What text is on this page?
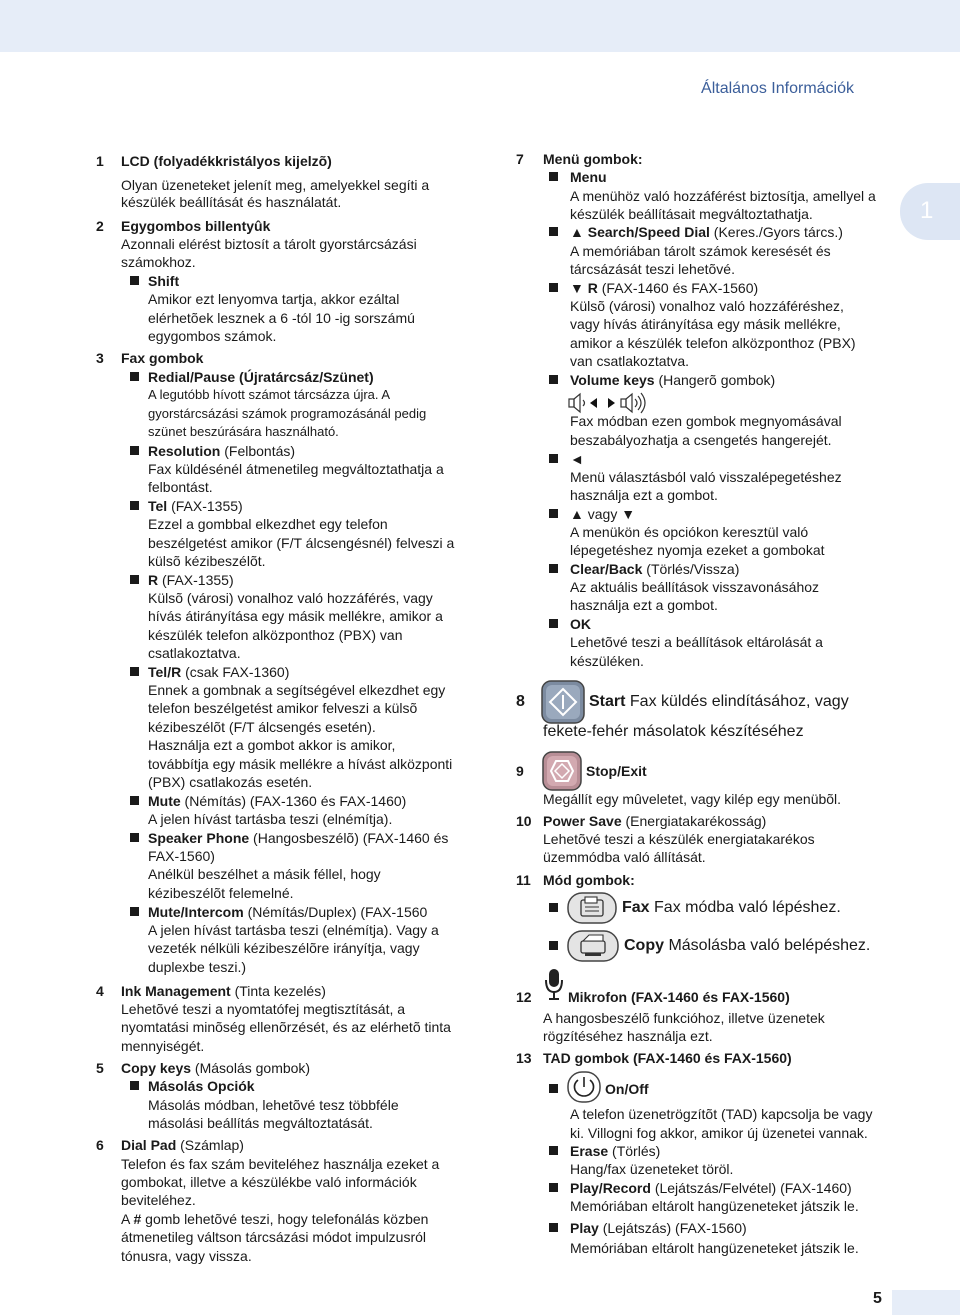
Általános Információk
1
1 LCD (folyadékkristályos kijelzõ)
Olyan üzeneteket jelenít meg, amelyekkel segíti a
készülék beállítását és használatát.
2 Egygombos billentyûk
Azonnali elérést biztosít a tárolt gyorstárcsázási
számokhoz.
Shift
Amikor ezt lenyomva tartja, akkor ezáltal
elérhetõek lesznek a 6 -tól 10 -ig sorszámú
egygombos számok.
3 Fax gombok
Redial/Pause (Újratárcsáz/Szünet)
A legutóbb hívott számot tárcsázza újra. A
gyorstárcsázási számok programozásánál pedig
szünet beszúrására használható.
Resolution (Felbontás)
Fax küldésénél átmenetileg megváltoztathatja a
felbontást.
Tel (FAX-1355)
Ezzel a gombbal elkezdhet egy telefon
beszélgetést amikor (F/T álcsengésnél) felveszi a
külsõ kézibeszélõt.
R (FAX-1355)
Külsõ (városi) vonalhoz való hozzáférés, vagy
hívás átirányítása egy másik mellékre, amikor a
készülék telefon alközponthoz (PBX) van
csatlakoztatva.
Tel/R (csak FAX-1360)
Ennek a gombnak a segítségével elkezdhet egy
telefon beszélgetést amikor felveszi a külsõ
kézibeszélõt (F/T álcsengés esetén).
Használja ezt a gombot akkor is amikor,
továbbítja egy másik mellékre a hívást alközponti
(PBX) csatlakozás esetén.
Mute (Némítás) (FAX-1360 és FAX-1460)
A jelen hívást tartásba teszi (elnémítja).
Speaker Phone (Hangosbeszélõ) (FAX-1460 és
FAX-1560)
Anélkül beszélhet a másik féllel, hogy
kézibeszélõt felemelné.
Mute/Intercom (Némítás/Duplex) (FAX-1560
A jelen hívást tartásba teszi (elnémítja). Vagy a
vezeték nélküli kézibeszélõre irányítja, vagy
duplexbe teszi.)
4 Ink Management (Tinta kezelés)
Lehetõvé teszi a nyomtatófej megtisztítását, a
nyomtatási minõség ellenõrzését, és az elérhetõ tinta
mennyiségét.
5 Copy keys (Másolás gombok)
Másolás Opciók
Másolás módban, lehetõvé tesz többféle
másolási beállítás megváltoztatását.
6 Dial Pad (Számlap)
Telefon és fax szám beviteléhez használja ezeket a
gombokat, illetve a készülékbe való információk
beviteléhez.
A # gomb lehetõvé teszi, hogy telefonálás közben
átmenetileg váltson tárcsázási módot impulzusról
tónusra, vagy vissza.
7 Menü gombok:
Menu
A menühöz való hozzáférést biztosítja, amellyel a
készülék beállításait megváltoztathatja.
▲ Search/Speed Dial (Keres./Gyors tárcs.)
A memóriában tárolt számok keresését és
tárcsázását teszi lehetõvé.
▼ R (FAX-1460 és FAX-1560)
Külsõ (városi) vonalhoz való hozzáféréshez,
vagy hívás átirányítása egy másik mellékre,
amikor a készülék telefon alközponthoz (PBX)
van csatlakoztatva.
Volume keys (Hangerõ gombok)
Fax módban ezen gombok megnyomásával
beszabályozhatja a csengetés hangerejét.
◄
Menü választásból való visszalépegetéshez
használja ezt a gombot.
▲ vagy ▼
A menükön és opciókon keresztül való
lépegetéshez nyomja ezeket a gombokat
Clear/Back (Törlés/Vissza)
Az aktuális beállítások visszavonásához
használja ezt a gombot.
OK
Lehetõvé teszi a beállítások eltárolását a
készüléken.
8	Start Fax küldés elindításához, vagy
fekete-fehér másolatok készítéséhez
9	Stop/Exit
Megállít egy mûveletet, vagy kilép egy menübõl.
10 Power Save (Energiatakarékosság)
Lehetõvé teszi a készülék energiatakarékos
üzemmódba való állítását.
11 Mód gombok:
Fax Fax módba való lépéshez.
Copy Másolásba való belépéshez.
12	Mikrofon (FAX-1460 és FAX-1560)
A hangosbeszélõ funkcióhoz, illetve üzenetek
rögzítéséhez használja ezt.
13 TAD gombok (FAX-1460 és FAX-1560)
On/Off
A telefon üzenetrögzítõt (TAD) kapcsolja be vagy
ki. Villogni fog akkor, amikor új üzenetei vannak.
Erase (Törlés)
Hang/fax üzeneteket töröl.
Play/Record (Lejátszás/Felvétel) (FAX-1460)
Memóriában eltárolt hangüzeneteket játszik le.
Play (Lejátszás) (FAX-1560)
Memóriában eltárolt hangüzeneteket játszik le.
5
